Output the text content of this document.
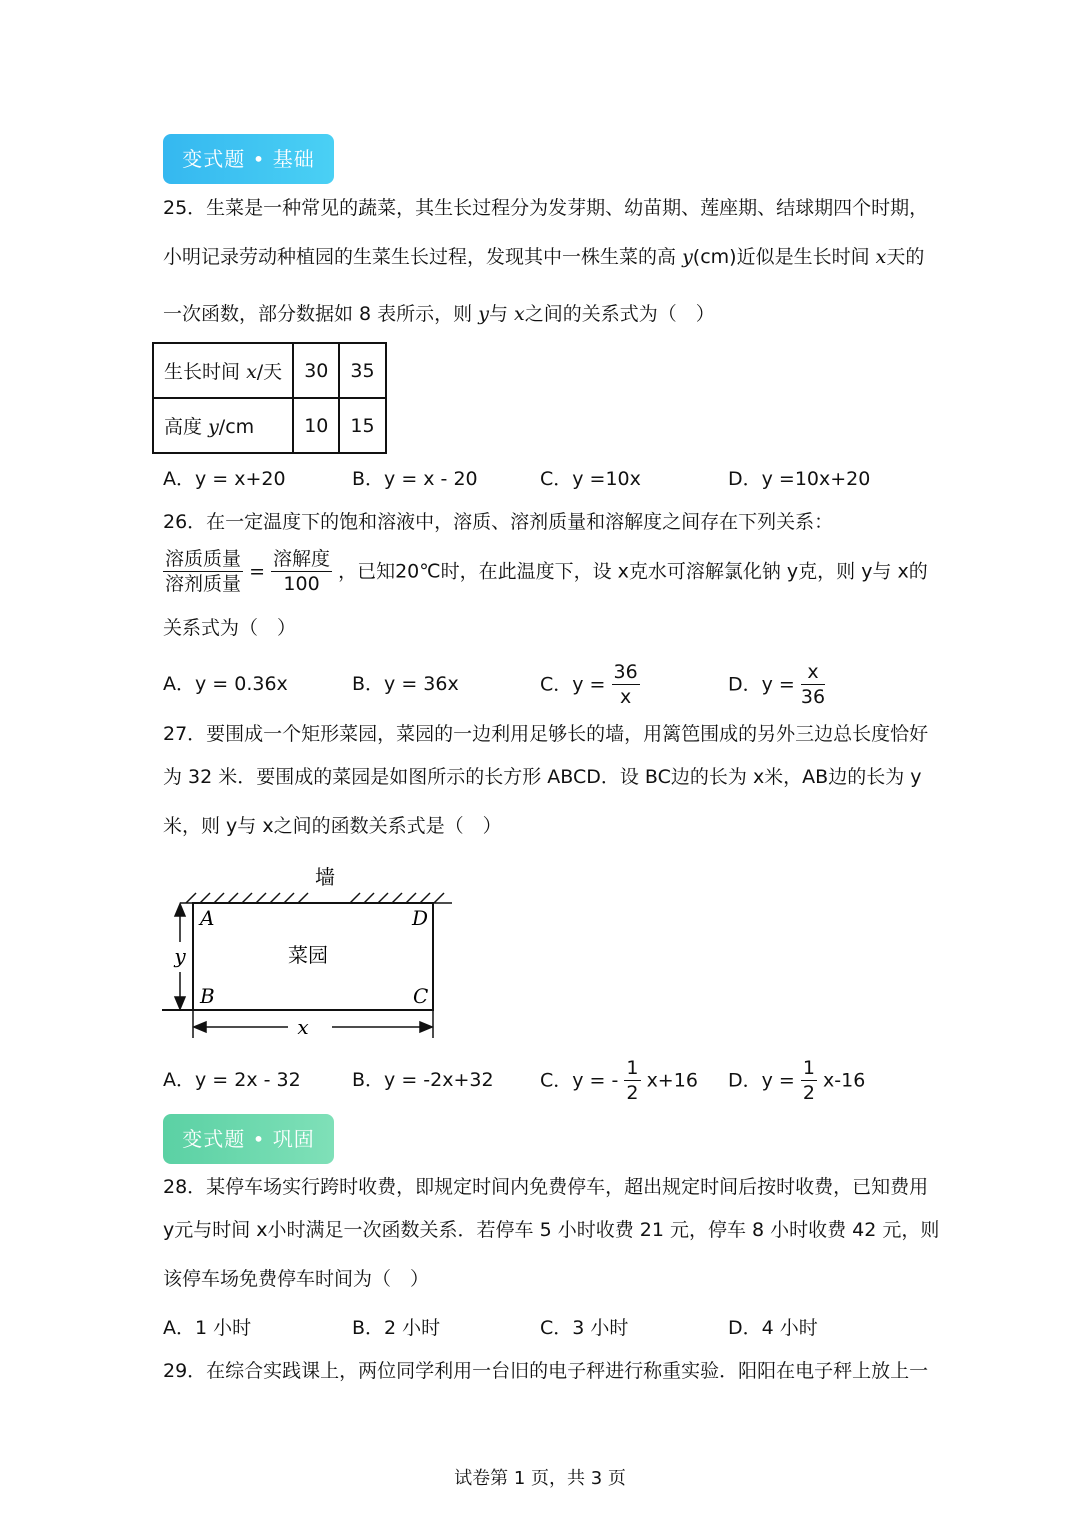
变式题 • 基础
25．生菜是一种常见的蔬菜，其生长过程分为发芽期、幼苗期、莲座期、结球期四个时期，
小明记录劳动种植园的生菜生长过程，发现其中一株生菜的高 y(cm)近似是生长时间 x天的
一次函数，部分数据如 8 表所示，则 y与 x之间的关系式为（　）
生长时间 x/天	30	35
高度 y/cm	10	15
A．y = x+20	B．y = x - 20	C．y =10x	D．y =10x+20
26．在一定温度下的饱和溶液中，溶质、溶剂质量和溶解度之间存在下列关系：
$\frac{\text{溶质质量}}{\text{溶剂质量}} = \frac{\text{溶解度}}{100}$ ，已知20℃时，在此温度下，设 x克水可溶解氯化钠 y克，则 y与 x的
关系式为（　）
A．y = 0.36x	B．y = 36x	C．$y = \frac{36}{x}$	D．$y = \frac{x}{36}$
27．要围成一个矩形菜园，菜园的一边利用足够长的墙，用篱笆围成的另外三边总长度恰好
为 32 米．要围成的菜园是如图所示的长方形 ABCD．设 BC边的长为 x米，AB边的长为 y
米，则 y与 x之间的函数关系式是（　）
墙
菜园
A	D
B	C
y
x
A．y = 2x - 32	B．y = -2x+32 C．y = - $\frac{1}{2} x+16$ D．$y = \frac{1}{2} x-16$
变式题 • 巩固
28．某停车场实行跨时收费，即规定时间内免费停车，超出规定时间后按时收费，已知费用
y元与时间 x小时满足一次函数关系．若停车 5 小时收费 21 元，停车 8 小时收费 42 元，则
该停车场免费停车时间为（　）
A．1 小时	B．2 小时	C．3 小时	D．4 小时
29．在综合实践课上，两位同学利用一台旧的电子秤进行称重实验．阳阳在电子秤上放上一
试卷第 1 页，共 3 页
